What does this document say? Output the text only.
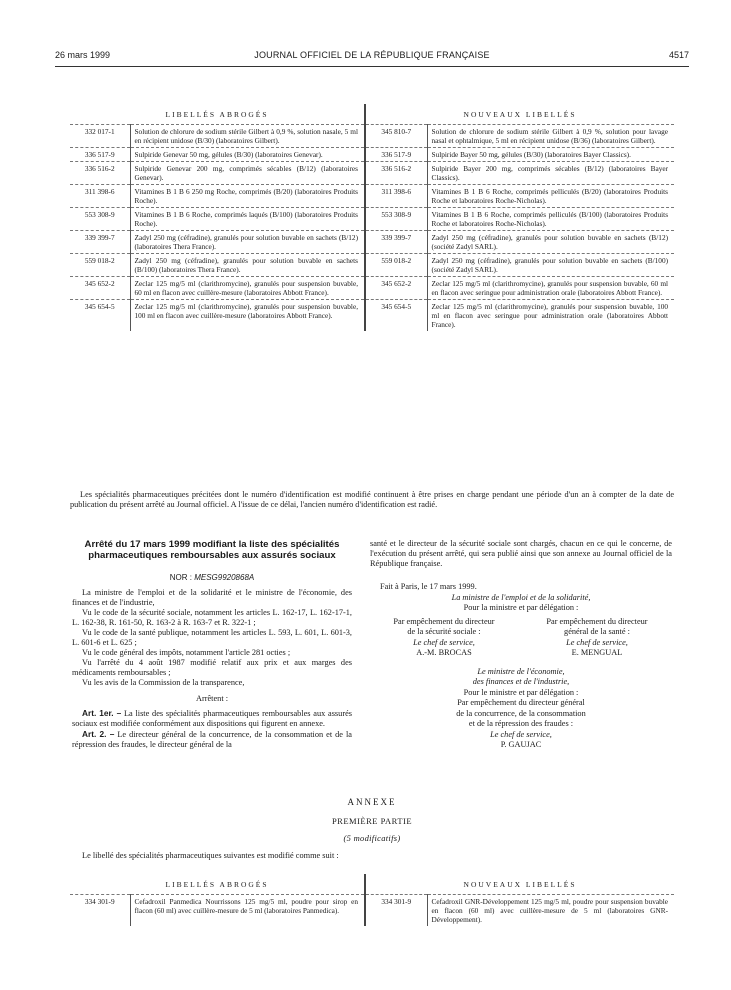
26 mars 1999	JOURNAL OFFICIEL DE LA RÉPUBLIQUE FRANÇAISE	4517
LIBELLÉS ABROGÉS		NOUVEAUX LIBELLÉS	
332 017-1	Solution de chlorure de sodium stérile Gilbert à 0,9 %, solution nasale, 5 ml en récipient unidose (B/30) (laboratoires Gilbert).	345 810-7	Solution de chlorure de sodium stérile Gilbert à 0,9 %, solution pour lavage nasal et ophtalmique, 5 ml en récipient unidose (B/36) (laboratoires Gilbert).
336 517-9	Sulpiride Genevar 50 mg, gélules (B/30) (laboratoires Genevar).	336 517-9	Sulpiride Bayer 50 mg, gélules (B/30) (laboratoires Bayer Classics).
336 516-2	Sulpiride Genevar 200 mg, comprimés sécables (B/12) (laboratoires Genevar).	336 516-2	Sulpiride Bayer 200 mg, comprimés sécables (B/12) (laboratoires Bayer Classics).
311 398-6	Vitamines B 1 B 6 250 mg Roche, comprimés (B/20) (laboratoires Produits Roche).	311 398-6	Vitamines B 1 B 6 Roche, comprimés pelliculés (B/20) (laboratoires Produits Roche et laboratoires Roche-Nicholas).
553 308-9	Vitamines B 1 B 6 Roche, comprimés laqués (B/100) (laboratoires Produits Roche).	553 308-9	Vitamines B 1 B 6 Roche, comprimés pelliculés (B/100) (laboratoires Produits Roche et laboratoires Roche-Nicholas).
339 399-7	Zadyl 250 mg (céfradine), granulés pour solution buvable en sachets (B/12) (laboratoires Thera France).	339 399-7	Zadyl 250 mg (céfradine), granulés pour solution buvable en sachets (B/12) (société Zadyl SARL).
559 018-2	Zadyl 250 mg (céfradine), granulés pour solution buvable en sachets (B/100) (laboratoires Thera France).	559 018-2	Zadyl 250 mg (céfradine), granulés pour solution buvable en sachets (B/100) (société Zadyl SARL).
345 652-2	Zeclar 125 mg/5 ml (clarithromycine), granulés pour suspension buvable, 60 ml en flacon avec cuillère-mesure (laboratoires Abbott France).	345 652-2	Zeclar 125 mg/5 ml (clarithromycine), granulés pour suspension buvable, 60 ml en flacon avec seringue pour administration orale (laboratoires Abbott France).
345 654-5	Zeclar 125 mg/5 ml (clarithromycine), granulés pour suspension buvable, 100 ml en flacon avec cuillère-mesure (laboratoires Abbott France).	345 654-5	Zeclar 125 mg/5 ml (clarithromycine), granulés pour suspension buvable, 100 ml en flacon avec seringue pour administration orale (laboratoires Abbott France).

Les spécialités pharmaceutiques précitées dont le numéro d'identification est modifié continuent à être prises en charge pendant une période d'un an à compter de la date de publication du présent arrêté au Journal officiel. A l'issue de ce délai, l'ancien numéro d'identification est radié.

Arrêté du 17 mars 1999 modifiant la liste des spécialités pharmaceutiques remboursables aux assurés sociaux
NOR : MESG9920868A

La ministre de l'emploi et de la solidarité et le ministre de l'économie, des finances et de l'industrie,

Vu le code de la sécurité sociale, notamment les articles L. 162-17, L. 162-17-1, L. 162-38, R. 161-50, R. 163-2 à R. 163-7 et R. 322-1 ;

Vu le code de la santé publique, notamment les articles L. 593, L. 601, L. 601-3, L. 601-6 et L. 625 ;

Vu le code général des impôts, notamment l'article 281 octies ;

Vu l'arrêté du 4 août 1987 modifié relatif aux prix et aux marges des médicaments remboursables ;

Vu les avis de la Commission de la transparence,

Arrêtent :

Art. 1er. – La liste des spécialités pharmaceutiques remboursables aux assurés sociaux est modifiée conformément aux dispositions qui figurent en annexe.

Art. 2. – Le directeur général de la concurrence, de la consommation et de la répression des fraudes, le directeur général de la

santé et le directeur de la sécurité sociale sont chargés, chacun en ce qui le concerne, de l'exécution du présent arrêté, qui sera publié ainsi que son annexe au Journal officiel de la République française.

Fait à Paris, le 17 mars 1999.
La ministre de l'emploi et de la solidarité,
Pour la ministre et par délégation :
Par empêchement du directeur
de la sécurité sociale :
Le chef de service,
A.-M. BROCAS
Par empêchement du directeur
général de la santé :
Le chef de service,
E. MENGUAL
Le ministre de l'économie,
des finances et de l'industrie,
Pour le ministre et par délégation :
Par empêchement du directeur général
de la concurrence, de la consommation
et de la répression des fraudes :
Le chef de service,
P. GAUJAC
ANNEXE
PREMIÈRE PARTIE
(5 modificatifs)

Le libellé des spécialités pharmaceutiques suivantes est modifié comme suit :

LIBELLÉS ABROGÉS		NOUVEAUX LIBELLÉS	
334 301-9	Cefadroxil Panmedica Nourrissons 125 mg/5 ml, poudre pour sirop en flacon (60 ml) avec cuillère-mesure de 5 ml (laboratoires Panmedica).	334 301-9	Cefadroxil GNR-Développement 125 mg/5 ml, poudre pour suspension buvable en flacon (60 ml) avec cuillère-mesure de 5 ml (laboratoires GNR-Développement).
